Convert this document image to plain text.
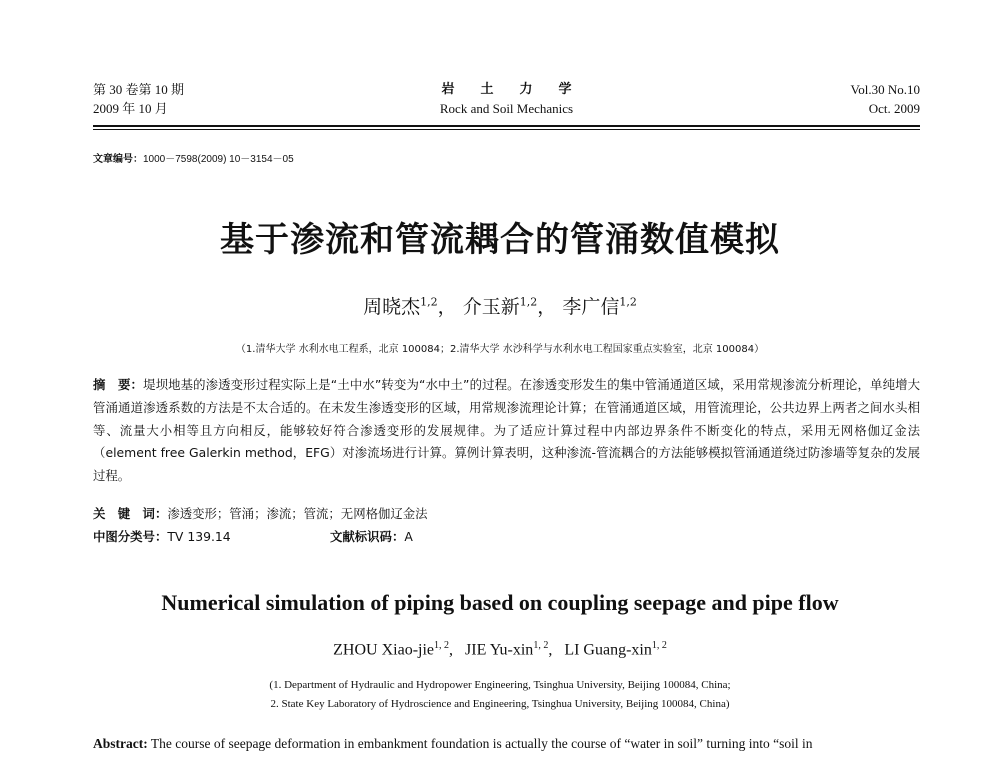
第 30 卷第 10 期
2009 年 10 月
岩土力学
Rock and Soil Mechanics
Vol.30 No.10
Oct. 2009
文章编号：1000－7598(2009) 10－3154－05
基于渗流和管流耦合的管涌数值模拟
周晓杰$^{1,2}$， 介玉新$^{1,2}$， 李广信$^{1,2}$
（1.清华大学 水利水电工程系，北京 100084；2.清华大学 水沙科学与水利水电工程国家重点实验室，北京 100084）
摘　要：堤坝地基的渗透变形过程实际上是“土中水”转变为“水中土”的过程。在渗透变形发生的集中管涌通道区域，采用常规渗流分析理论，单纯增大管涌通道渗透系数的方法是不太合适的。在未发生渗透变形的区域，用常规渗流理论计算；在管涌通道区域，用管流理论，公共边界上两者之间水头相等、流量大小相等且方向相反，能够较好符合渗透变形的发展规律。为了适应计算过程中内部边界条件不断变化的特点，采用无网格伽辽金法（element free Galerkin method，EFG）对渗流场进行计算。算例计算表明，这种渗流-管流耦合的方法能够模拟管涌通道绕过防渗墙等复杂的发展过程。
关　键　词：渗透变形；管涌；渗流；管流；无网格伽辽金法
中图分类号：TV 139.14	文献标识码：A
Numerical simulation of piping based on coupling seepage and pipe flow
ZHOU Xiao-jie$^{1, 2}$,   JIE Yu-xin$^{1, 2}$,   LI Guang-xin$^{1, 2}$
(1. Department of Hydraulic and Hydropower Engineering, Tsinghua University, Beijing 100084, China;
2. State Key Laboratory of Hydroscience and Engineering, Tsinghua University, Beijing 100084, China)
Abstract: The course of seepage deformation in embankment foundation is actually the course of “water in soil” turning into “soil in
